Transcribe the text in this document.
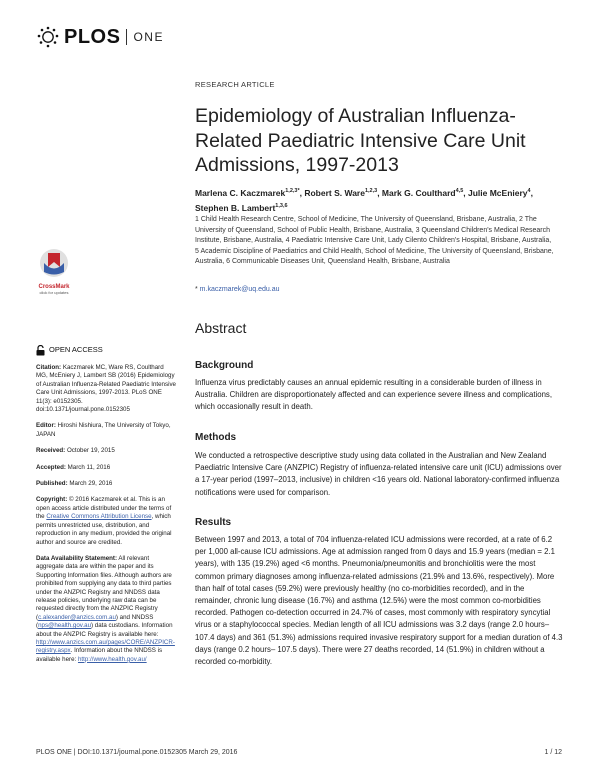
PLOS ONE
RESEARCH ARTICLE
Epidemiology of Australian Influenza-Related Paediatric Intensive Care Unit Admissions, 1997-2013
Marlena C. Kaczmarek$^{1,2,3*}$, Robert S. Ware$^{1,2,3}$, Mark G. Coulthard$^{4,5}$, Julie McEniery$^4$, Stephen B. Lambert$^{1,3,6}$
1 Child Health Research Centre, School of Medicine, The University of Queensland, Brisbane, Australia, 2 The University of Queensland, School of Public Health, Brisbane, Australia, 3 Queensland Children's Medical Research Institute, Brisbane, Australia, 4 Paediatric Intensive Care Unit, Lady Cilento Children's Hospital, Brisbane, Australia, 5 Academic Discipline of Paediatrics and Child Health, School of Medicine, The University of Queensland, Brisbane, Australia, 6 Communicable Diseases Unit, Queensland Health, Brisbane, Australia
* m.kaczmarek@uq.edu.au
CrossMark
click for updates
OPEN ACCESS
Citation: Kaczmarek MC, Ware RS, Coulthard MG, McEniery J, Lambert SB (2016) Epidemiology of Australian Influenza-Related Paediatric Intensive Care Unit Admissions, 1997-2013. PLoS ONE 11(3): e0152305. doi:10.1371/journal.pone.0152305
Editor: Hiroshi Nishiura, The University of Tokyo, JAPAN
Received: October 19, 2015
Accepted: March 11, 2016
Published: March 29, 2016
Copyright: © 2016 Kaczmarek et al. This is an open access article distributed under the terms of the Creative Commons Attribution License, which permits unrestricted use, distribution, and reproduction in any medium, provided the original author and source are credited.
Data Availability Statement: All relevant aggregate data are within the paper and its Supporting Information files. Although authors are prohibited from supplying any data to third parties under the ANZPIC Registry and NNDSS data release policies, underlying raw data can be requested directly from the ANZPIC Registry (c.alexander@anzics.com.au) and NNDSS (nps@health.gov.au) data custodians. Information about the ANZPIC Registry is available here: http://www.anzics.com.au/pages/CORE/ANZPICR-registry.aspx. Information about the NNDSS is available here: http://www.health.gov.au/
Abstract
Background
Influenza virus predictably causes an annual epidemic resulting in a considerable burden of illness in Australia. Children are disproportionately affected and can experience severe illness and complications, which occasionally result in death.
Methods
We conducted a retrospective descriptive study using data collated in the Australian and New Zealand Paediatric Intensive Care (ANZPIC) Registry of influenza-related intensive care unit (ICU) admissions over a 17-year period (1997–2013, inclusive) in children <16 years old. National laboratory-confirmed influenza notifications were used for comparison.
Results
Between 1997 and 2013, a total of 704 influenza-related ICU admissions were recorded, at a rate of 6.2 per 1,000 all-cause ICU admissions. Age at admission ranged from 0 days and 15.9 years (median = 2.1 years), with 135 (19.2%) aged <6 months. Pneumonia/pneumonitis and bronchiolitis were the most common primary diagnoses among influenza-related admissions (21.9% and 13.6%, respectively). More than half of total cases (59.2%) were previously healthy (no co-morbidities recorded), and in the remainder, chronic lung disease (16.7%) and asthma (12.5%) were the most common co-morbidities recorded. Pathogen co-detection occurred in 24.7% of cases, most commonly with respiratory syncytial virus or a staphylococcal species. Median length of all ICU admissions was 3.2 days (range 2.0 hours– 107.4 days) and 361 (51.3%) admissions required invasive respiratory support for a median duration of 4.3 days (range 0.2 hours– 107.5 days). There were 27 deaths recorded, 14 (51.9%) in children without a recorded co-morbidity.
PLOS ONE | DOI:10.1371/journal.pone.0152305 March 29, 2016	1 / 12
